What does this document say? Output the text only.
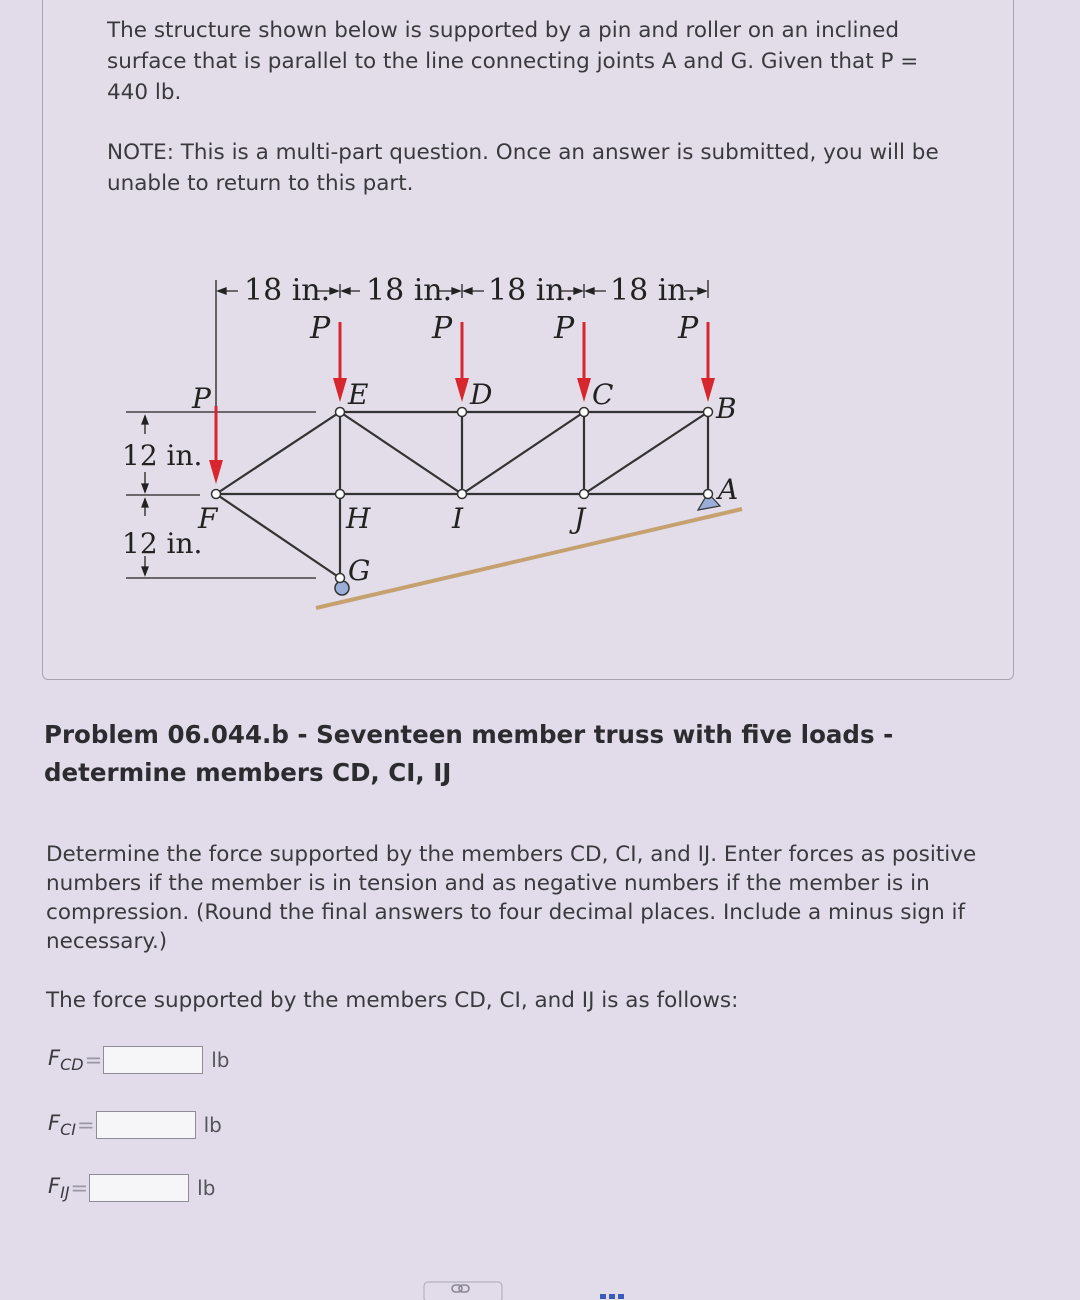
The structure shown below is supported by a pin and roller on an inclined surface that is parallel to the line connecting joints A and G. Given that P = 440 lb.

NOTE: This is a multi-part question. Once an answer is submitted, you will be unable to return to this part.

18 in. 18 in. 18 in. 18 in.
12 in.
12 in.
P	P	P	P
P
A
B
C
D
E
F
G
H	I	J

Problem 06.044.b - Seventeen member truss with five loads - determine members CD, CI, IJ

Determine the force supported by the members CD, CI, and IJ. Enter forces as positive numbers if the member is in tension and as negative numbers if the member is in compression. (Round the final answers to four decimal places. Include a minus sign if necessary.)

The force supported by the members CD, CI, and IJ is as follows:

$F_{CD}$ =	lb
$F_{CI}$ =	lb
$F_{IJ}$ =	lb
